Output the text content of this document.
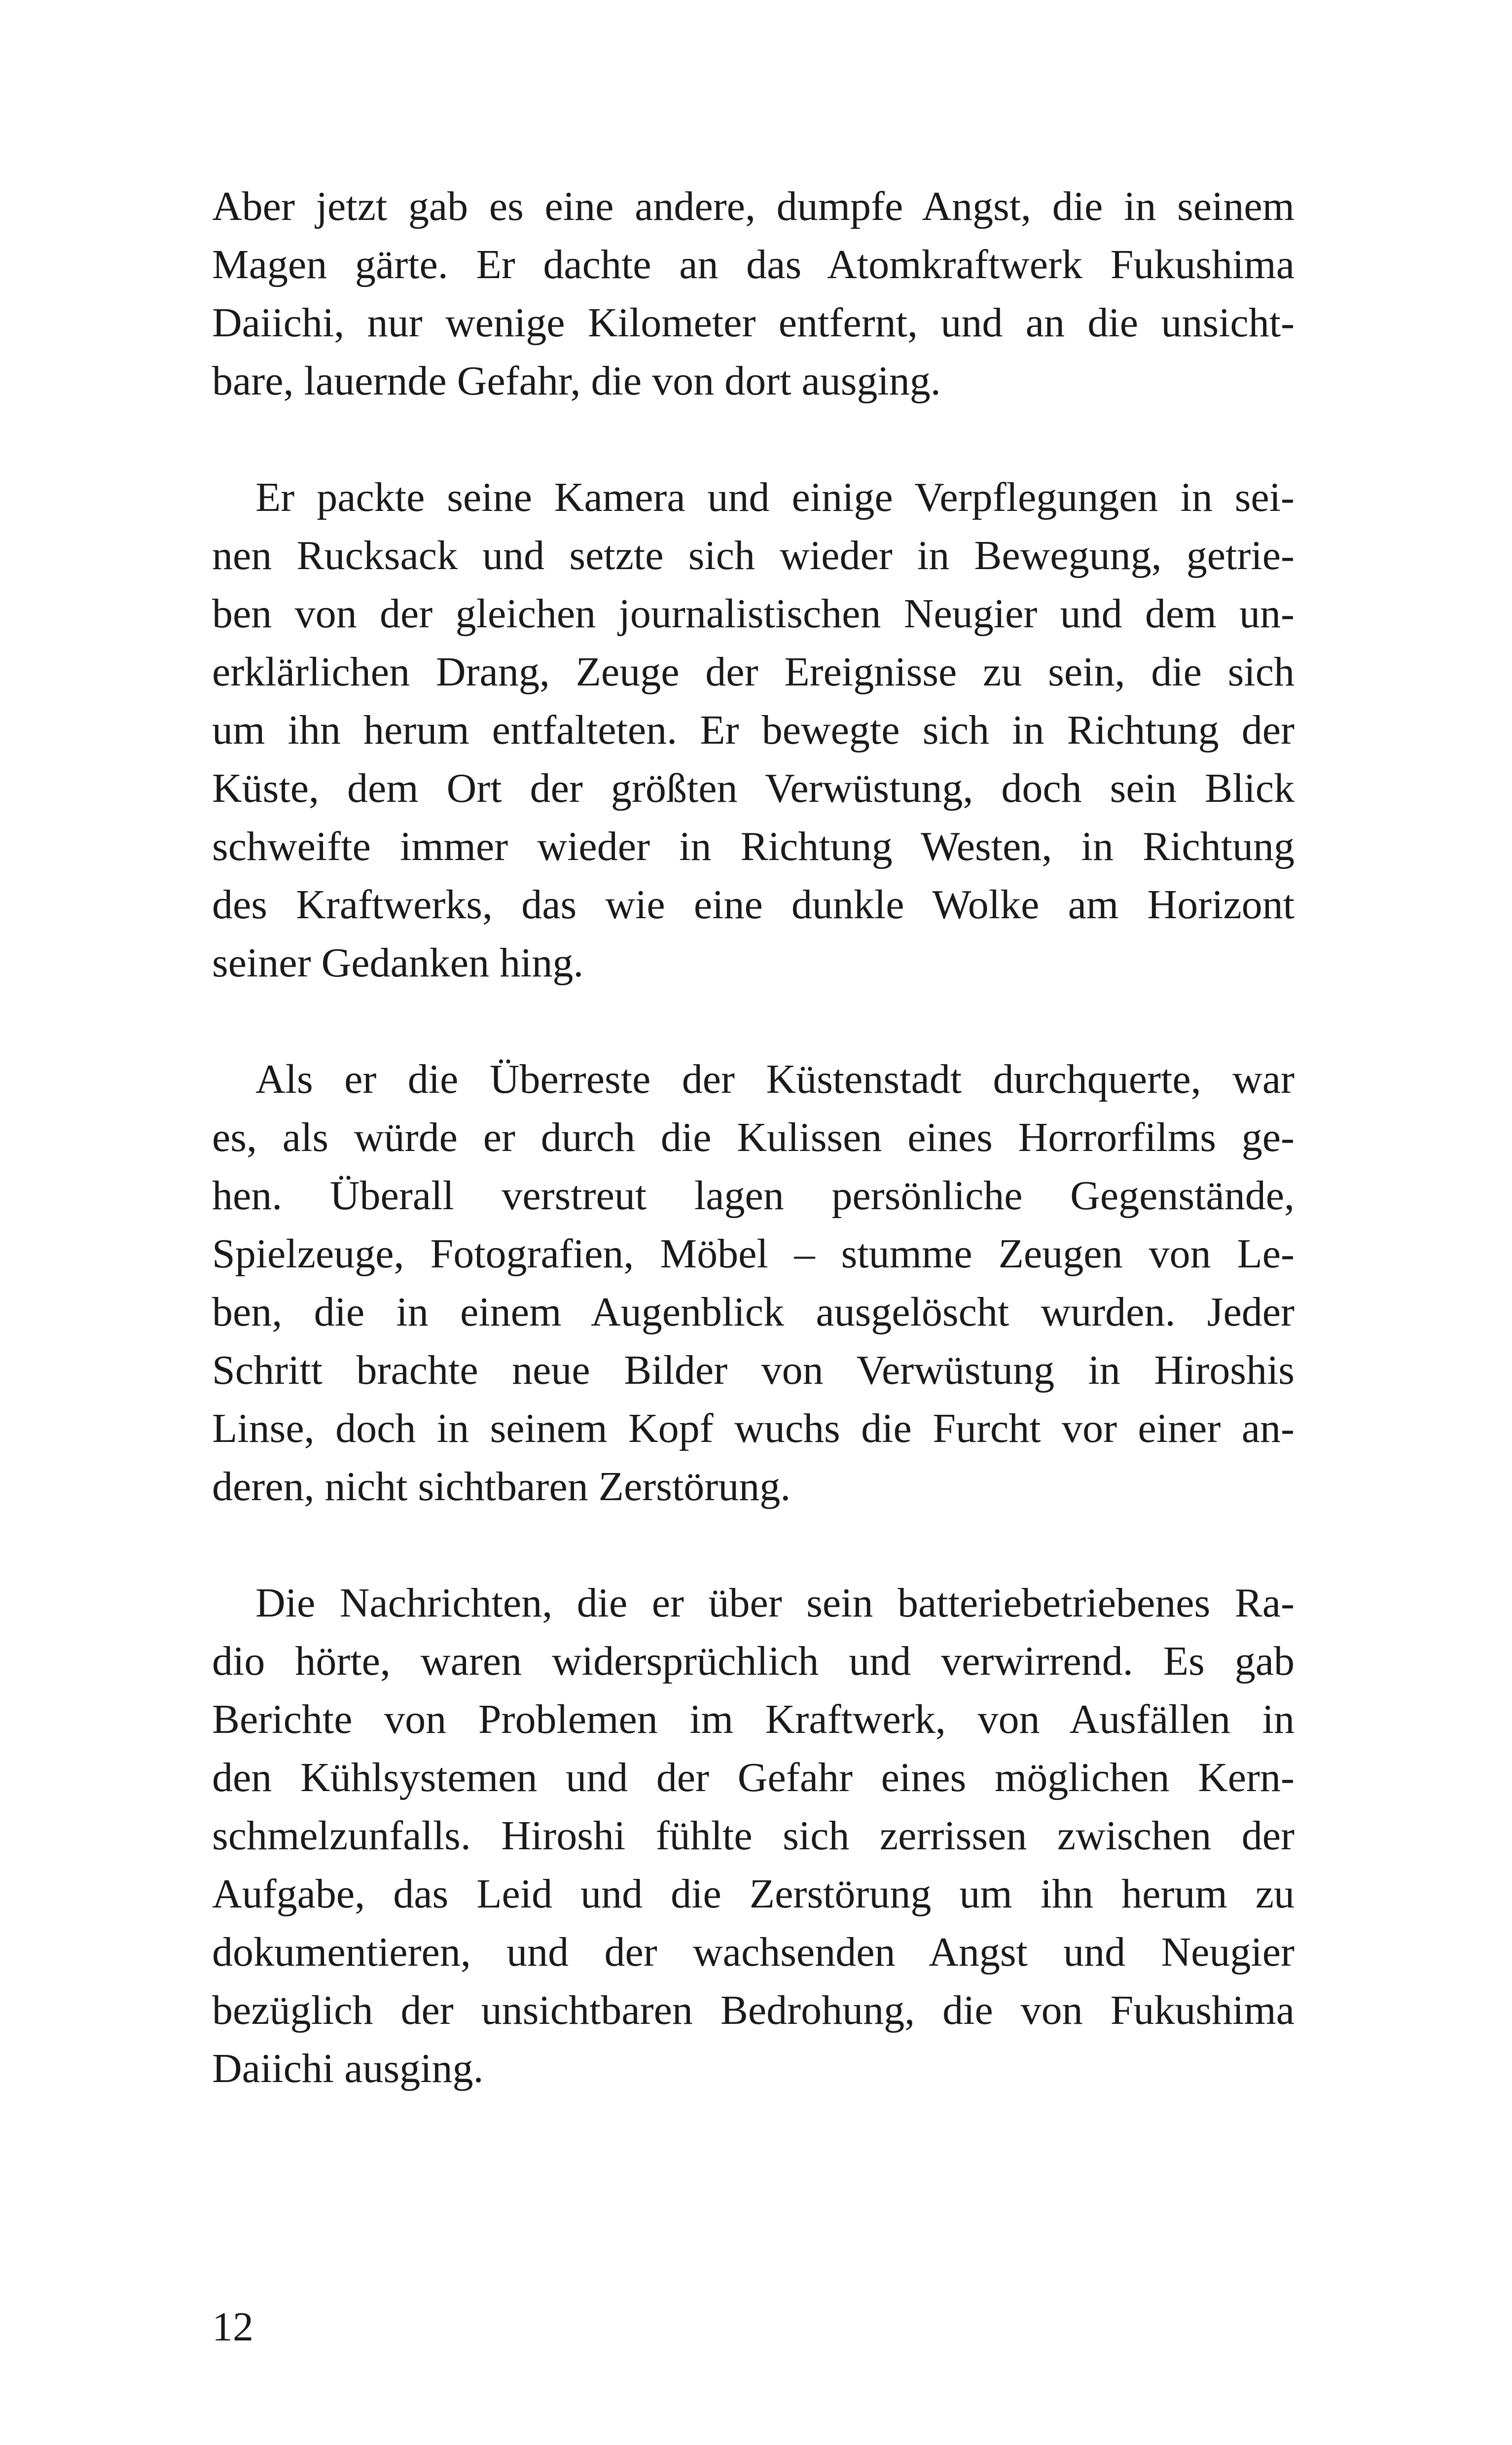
Aber jetzt gab es eine andere, dumpfe Angst, die in seinem
Magen gärte. Er dachte an das Atomkraftwerk Fukushima
Daiichi, nur wenige Kilometer entfernt, und an die unsicht-
bare, lauernde Gefahr, die von dort ausging.
Er packte seine Kamera und einige Verpflegungen in sei-
nen Rucksack und setzte sich wieder in Bewegung, getrie-
ben von der gleichen journalistischen Neugier und dem un-
erklärlichen Drang, Zeuge der Ereignisse zu sein, die sich
um ihn herum entfalteten. Er bewegte sich in Richtung der
Küste, dem Ort der größten Verwüstung, doch sein Blick
schweifte immer wieder in Richtung Westen, in Richtung
des Kraftwerks, das wie eine dunkle Wolke am Horizont
seiner Gedanken hing.
Als er die Überreste der Küstenstadt durchquerte, war
es, als würde er durch die Kulissen eines Horrorfilms ge-
hen. Überall verstreut lagen persönliche Gegenstände,
Spielzeuge, Fotografien, Möbel – stumme Zeugen von Le-
ben, die in einem Augenblick ausgelöscht wurden. Jeder
Schritt brachte neue Bilder von Verwüstung in Hiroshis
Linse, doch in seinem Kopf wuchs die Furcht vor einer an-
deren, nicht sichtbaren Zerstörung.
Die Nachrichten, die er über sein batteriebetriebenes Ra-
dio hörte, waren widersprüchlich und verwirrend. Es gab
Berichte von Problemen im Kraftwerk, von Ausfällen in
den Kühlsystemen und der Gefahr eines möglichen Kern-
schmelzunfalls. Hiroshi fühlte sich zerrissen zwischen der
Aufgabe, das Leid und die Zerstörung um ihn herum zu
dokumentieren, und der wachsenden Angst und Neugier
bezüglich der unsichtbaren Bedrohung, die von Fukushima
Daiichi ausging.
12
